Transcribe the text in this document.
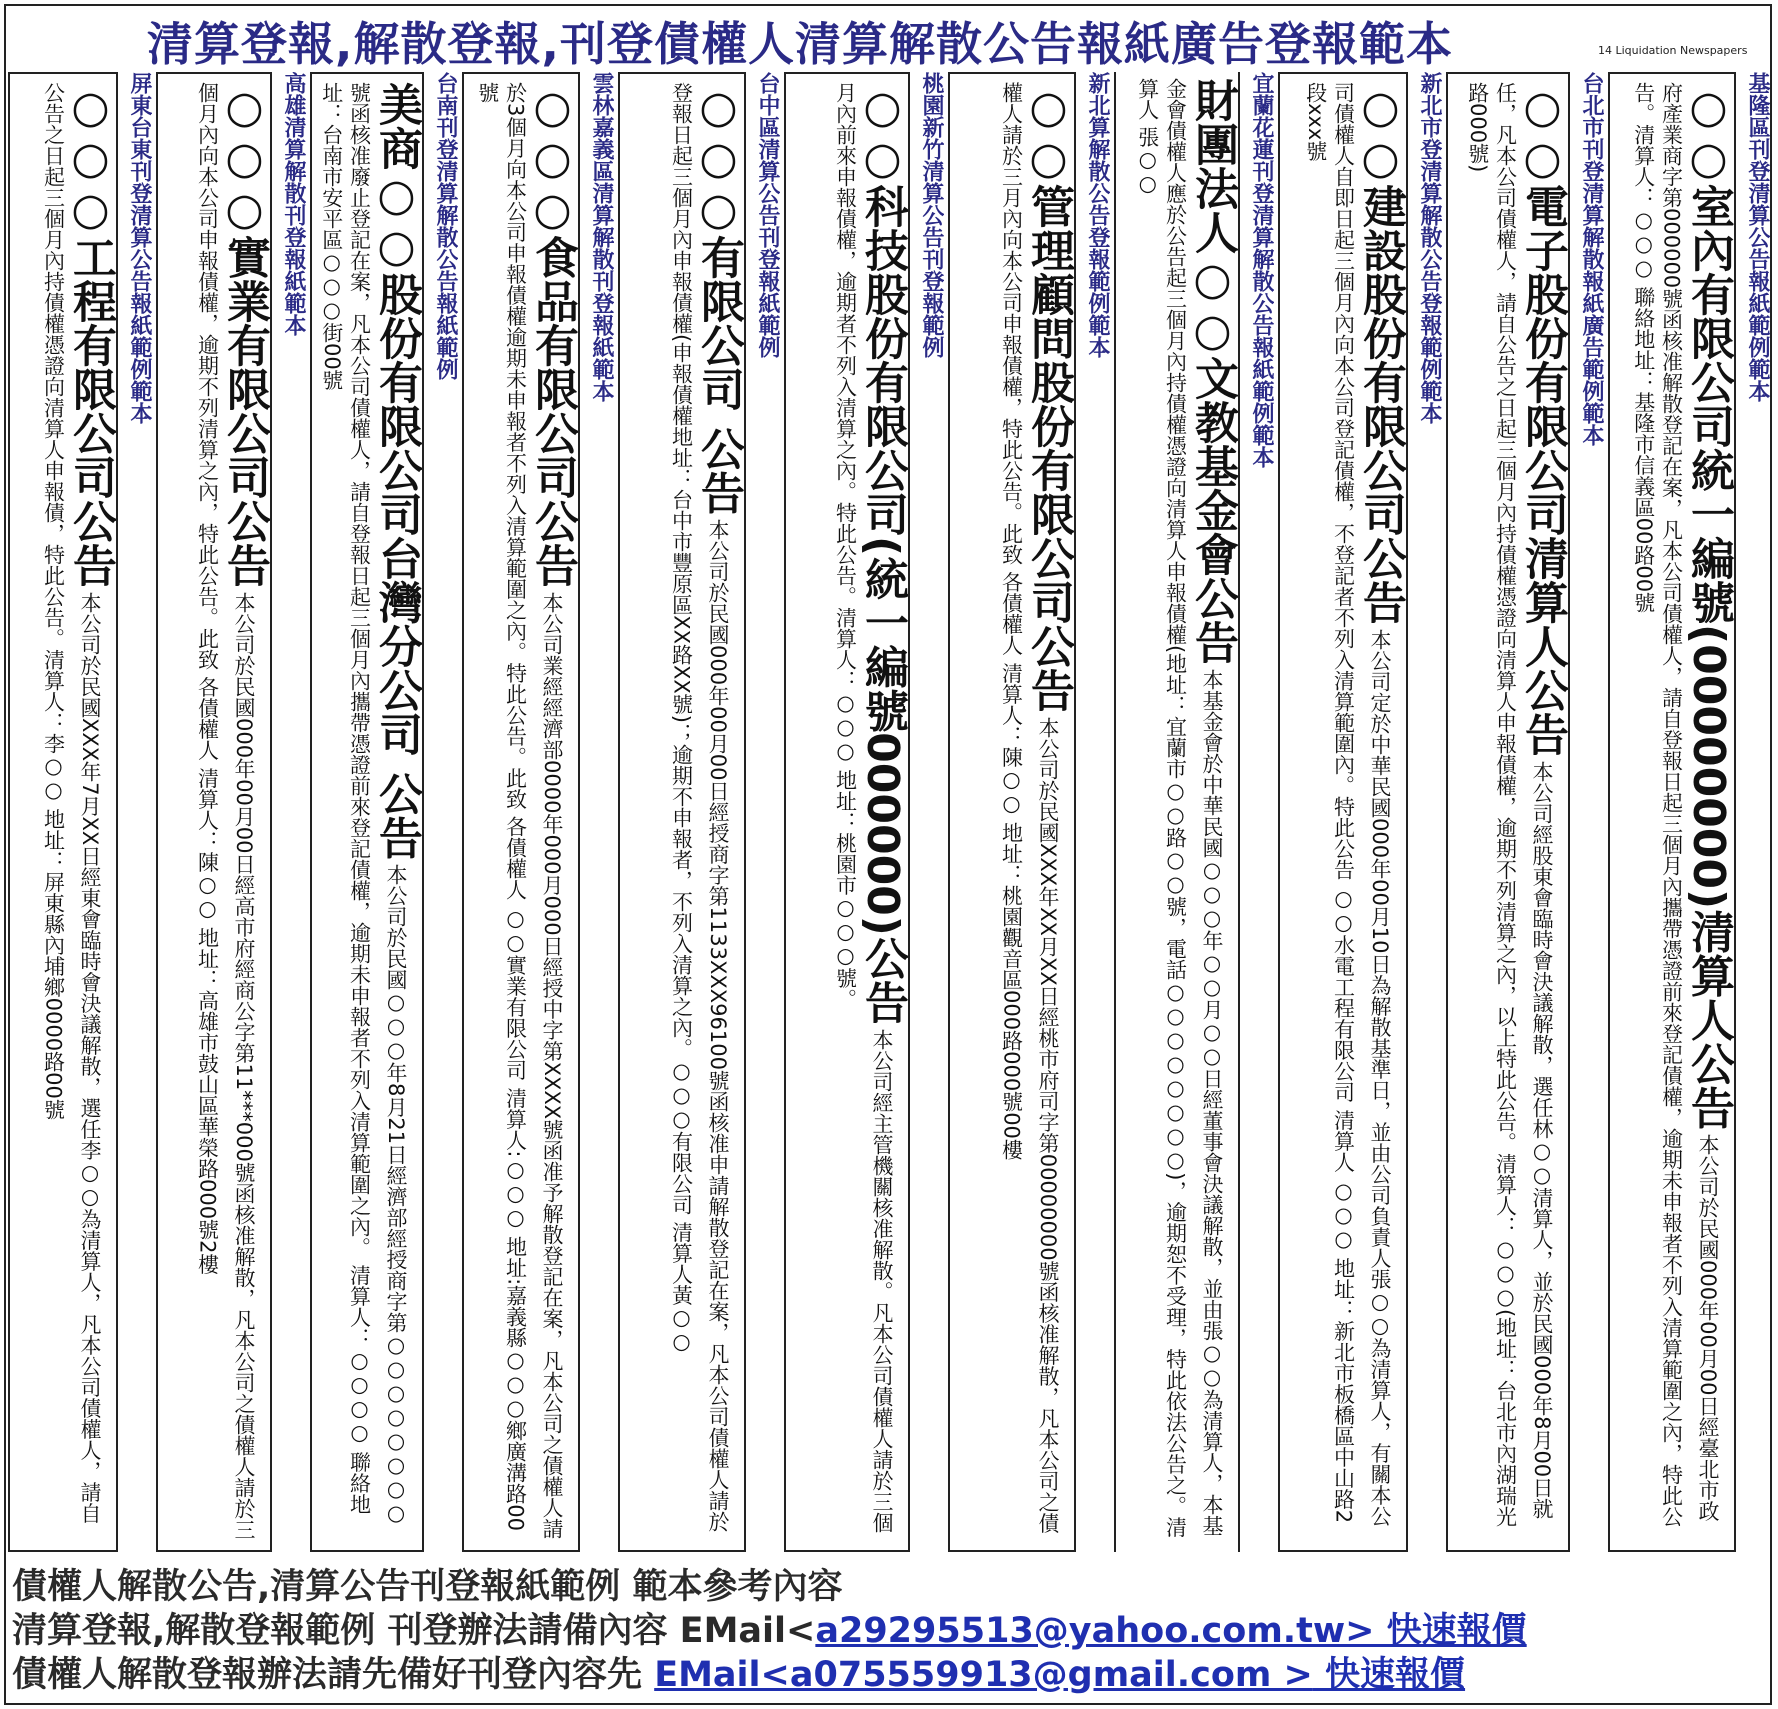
清算登報,解散登報,刊登債權人清算解散公告報紙廣告登報範本	14 Liquidation Newspapers
基隆區刊登清算公告報紙範例範本
○○室內有限公司統一編號(00000000)清算人公告 本公司於民國000年00月00日經臺北市政府產業商字第000000號函核准解散登記在案，凡本公司債權人，請自登報日起三個月內攜帶憑證前來登記債權，逾期未申報者不列入清算範圍之內，特此公告。清算人：○○○ 聯絡地址：基隆市信義區00路00號
台北市刊登清算解散報紙廣告範例範本
○○電子股份有限公司清算人公告 本公司經股東會臨時會決議解散，選任林○○清算人，並於民國000年8月00日就任，凡本公司債權人，請自公告之日起三個月內持債權憑證向清算人申報債權，逾期不列清算之內，以上特此公告。清算人：○○○(地址：台北市內湖瑞光路000號)
新北市登清算解散公告登報範例範本
○○建設股份有限公司公告 本公司定於中華民國000年00月10日為解散基準日，並由公司負責人張○○為清算人，有關本公司債權人自即日起三個月內向本公司登記債權，不登記者不列入清算範圍內。特此公告 ○○水電工程有限公司 清算人 ○○○ 地址：新北市板橋區中山路2段xxx號
宜蘭花蓮刊登清算解散公告報紙範例範本
財團法人○○文教基金會公告 本基金會於中華民國○○○年○○月○○日經董事會決議解散，並由張○○為清算人，本基金會債權人應於公告起三個月內持債權憑證向清算人申報債權(地址：宜蘭市○○路○○號，電話○○○○○○○○)，逾期恕不受理，特此依法公告之。清算人 張○○
新北算解散公告登報範例範本
○○管理顧問股份有限公司公告 本公司於民國XXX年XX月XX日經桃市府司字第00000000號函核准解散，凡本公司之債權人請於三月內向本公司申報債權，特此公告。此致 各債權人 清算人：陳○○ 地址：桃園觀音區000路000號00樓
桃園新竹清算公告刊登報範例
○○科技股份有限公司(統一編號000000)公告 本公司經主管機關核准解散。凡本公司債權人請於三個月內前來申報債權，逾期者不列入清算之內。特此公告。清算人：○○○ 地址：桃園市○○○號。
台中區清算公告刊登報紙範例
○○○有限公司 公告 本公司於民國000年00月00日經授商字第1133XXX96100號函核准申請解散登記在案，凡本公司債權人請於登報日起三個月內申報債權(申報債權地址：台中市豐原區XX路XX號)；逾期不申報者，不列入清算之內。○○○有限公司 清算人黃○○
雲林嘉義區清算解散刊登報紙範本
○○○食品有限公司公告 本公司業經經濟部0000年000月000日經授中字第XXXX號函准予解散登記在案，凡本公司之債權人請於3個月向本公司申報債權逾期未申報者不列入清算範圍之內。特此公告。此致 各債權人 ○○實業有限公司 清算人:○○○ 地址:嘉義縣○○○鄉廣溝路00號
台南刊登清算解散公告報紙範例
美商○○股份有限公司台灣分公司 公告 本公司於民國○○○年8月21日經濟部經授商字第○○○○○○○○號函核准廢止登記在案，凡本公司債權人，請自登報日起三個月內攜帶憑證前來登記債權，逾期未申報者不列入清算範圍之內。 清算人：○○○○ 聯絡地址：台南市安平區○○○街00號
高雄清算解散刊登報紙範本
○○○實業有限公司公告 本公司於民國000年00月00日經高市府經商公字第11***000號函核准解散，凡本公司之債權人請於三個月內向本公司申報債權，逾期不列清算之內，特此公告。此致 各債權人 清算人：陳○○ 地址：高雄市鼓山區華榮路000號2樓
屏東台東刊登清算公告報紙範例範本
○○○工程有限公司公告 本公司於民國XXX年7月XX日經東會臨時會決議解散，選任李○○為清算人，凡本公司債權人，請自公告之日起三個月內持債權憑證向清算人申報債，特此公告。清算人：李○○ 地址：屏東縣內埔鄉0000路00號
債權人解散公告,清算公告刊登報紙範例 範本參考內容
清算登報,解散登報範例 刊登辦法請備內容 EMail<a29295513@yahoo.com.tw> 快速報價
債權人解散登報辦法請先備好刊登內容先 EMail<a075559913@gmail.com > 快速報價
